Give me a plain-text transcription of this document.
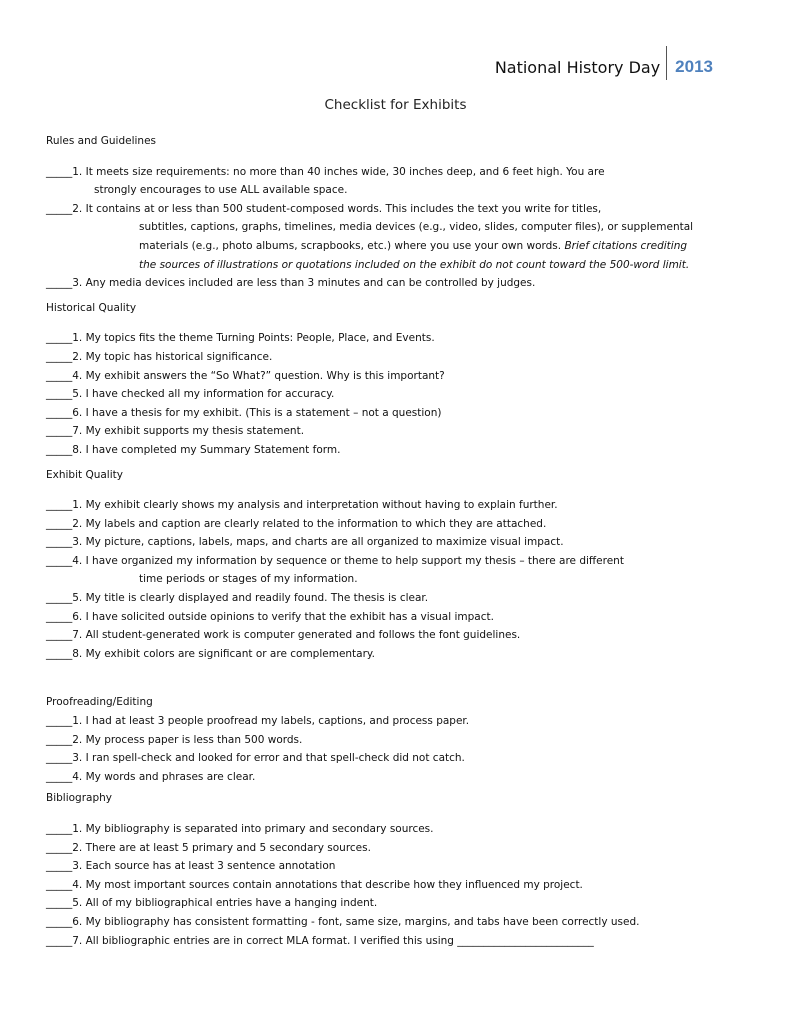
National History Day 2013
Checklist for Exhibits

Rules and Guidelines

_____1. It meets size requirements: no more than 40 inches wide, 30 inches deep, and 6 feet high. You are

strongly encourages to use ALL available space.

_____2. It contains at or less than 500 student-composed words. This includes the text you write for titles,

subtitles, captions, graphs, timelines, media devices (e.g., video, slides, computer files), or supplemental

materials (e.g., photo albums, scrapbooks, etc.) where you use your own words. Brief citations crediting

the sources of illustrations or quotations included on the exhibit do not count toward the 500-word limit.

_____3. Any media devices included are less than 3 minutes and can be controlled by judges.

Historical Quality

_____1. My topics fits the theme Turning Points: People, Place, and Events.

_____2. My topic has historical significance.

_____4. My exhibit answers the “So What?” question. Why is this important?

_____5. I have checked all my information for accuracy.

_____6. I have a thesis for my exhibit. (This is a statement – not a question)

_____7. My exhibit supports my thesis statement.

_____8. I have completed my Summary Statement form.

Exhibit Quality

_____1. My exhibit clearly shows my analysis and interpretation without having to explain further.

_____2. My labels and caption are clearly related to the information to which they are attached.

_____3. My picture, captions, labels, maps, and charts are all organized to maximize visual impact.

_____4. I have organized my information by sequence or theme to help support my thesis – there are different

time periods or stages of my information.

_____5. My title is clearly displayed and readily found. The thesis is clear.

_____6. I have solicited outside opinions to verify that the exhibit has a visual impact.

_____7. All student-generated work is computer generated and follows the font guidelines.

_____8. My exhibit colors are significant or are complementary.

Proofreading/Editing

_____1. I had at least 3 people proofread my labels, captions, and process paper.

_____2. My process paper is less than 500 words.

_____3. I ran spell-check and looked for error and that spell-check did not catch.

_____4. My words and phrases are clear.

Bibliography

_____1. My bibliography is separated into primary and secondary sources.

_____2. There are at least 5 primary and 5 secondary sources.

_____3. Each source has at least 3 sentence annotation

_____4. My most important sources contain annotations that describe how they influenced my project.

_____5. All of my bibliographical entries have a hanging indent.

_____6. My bibliography has consistent formatting - font, same size, margins, and tabs have been correctly used.

_____7. All bibliographic entries are in correct MLA format. I verified this using __________________________
